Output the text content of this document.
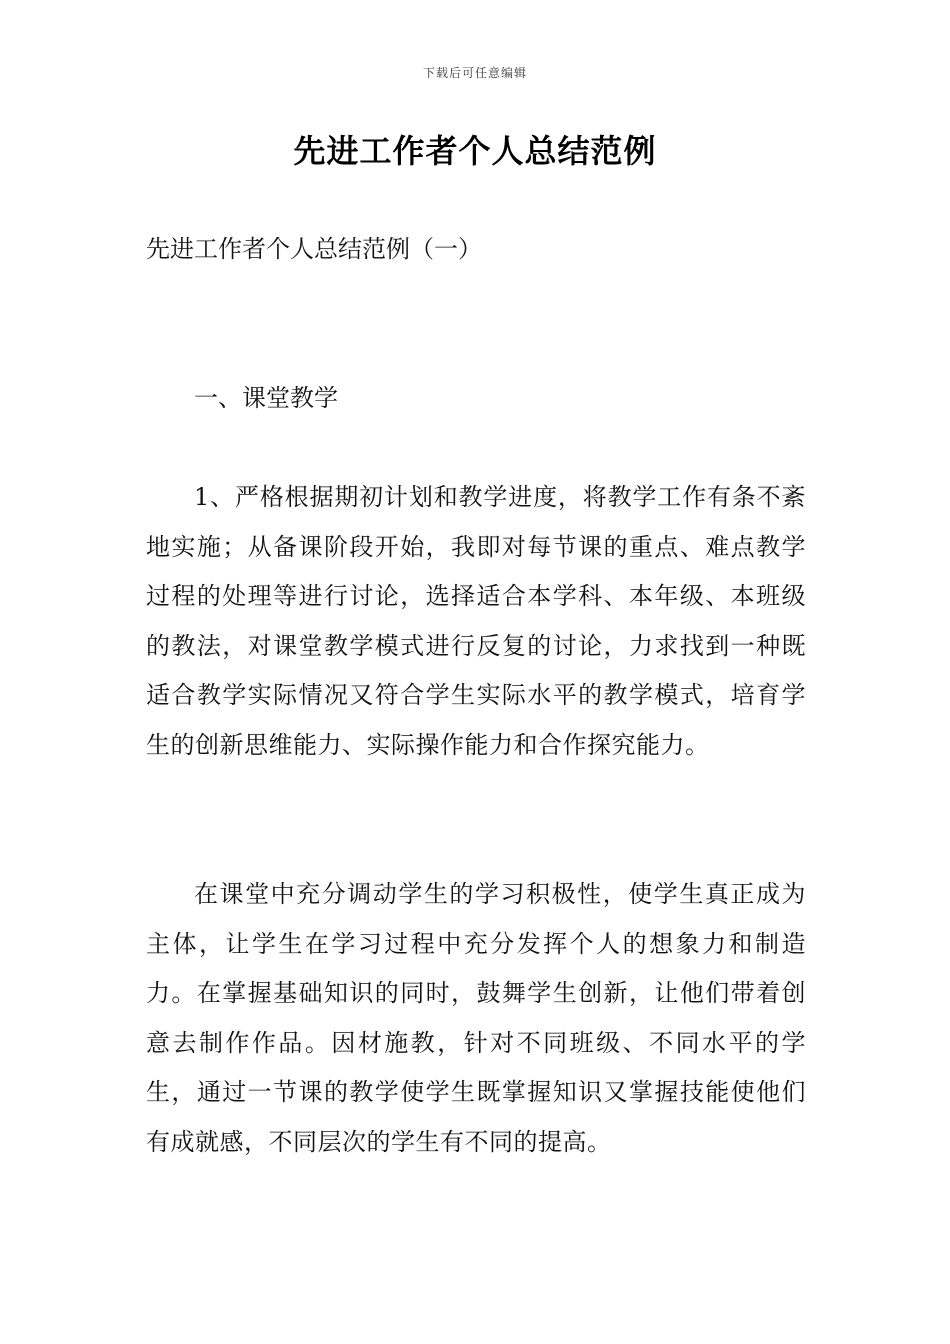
下载后可任意编辑
先进工作者个人总结范例
先进工作者个人总结范例（一）
一、课堂教学

1、严格根据期初计划和教学进度，将教学工作有条不紊地实施；从备课阶段开始，我即对每节课的重点、难点教学过程的处理等进行讨论，选择适合本学科、本年级、本班级的教法，对课堂教学模式进行反复的讨论，力求找到一种既适合教学实际情况又符合学生实际水平的教学模式，培育学生的创新思维能力、实际操作能力和合作探究能力。

在课堂中充分调动学生的学习积极性，使学生真正成为主体，让学生在学习过程中充分发挥个人的想象力和制造力。在掌握基础知识的同时，鼓舞学生创新，让他们带着创意去制作作品。因材施教，针对不同班级、不同水平的学生，通过一节课的教学使学生既掌握知识又掌握技能使他们有成就感，不同层次的学生有不同的提高。
